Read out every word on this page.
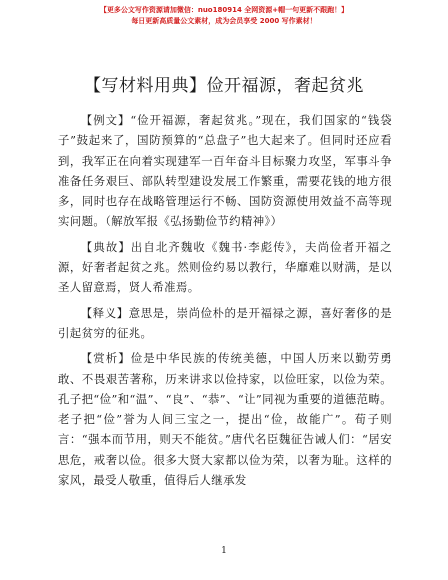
【更多公文写作资源请加微信：nuo180914 全网资源+帽一句更新不跟跑！】
每日更新高质量公文素材，成为会员享受 2000 写作素材！
【写材料用典】俭开福源，奢起贫兆

【 例文 】 “俭开福源，奢起贫兆。”现在，我们国家的“钱袋子”鼓起来了，国防预算的“总盘子”也大起来了。但同时还应看到，我军正在向着实现建军一百年奋斗目标聚力攻坚，军事斗争准备任务艰巨、部队转型建设发展工作繁重，需要花钱的地方很多，同时也存在战略管理运行不畅、国防资源使用效益不高等现实问题。（解放军报《弘扬勤俭节约精神》）

【 典故 】 出自北齐魏收《魏书·李彪传》，夫尚俭者开福之源，好奢者起贫之兆。然则俭约易以教行，华靡难以财满，是以圣人留意焉，贤人希准焉。

【 释义 】 意思是，崇尚俭朴的是开福禄之源，喜好奢侈的是引起贫穷的征兆。

【 赏析 】 俭是中华民族的传统美德，中国人历来以勤劳勇敢、不畏艰苦著称，历来讲求以俭持家，以俭旺家，以俭为荣。孔子把“俭”和“温”、“良”、“恭”、“让”同视为重要的道德范畴。老子把“俭”誉为人间三宝之一，提出“俭，故能广”。荀子则言：“强本而节用，则天不能贫。”唐代名臣魏征告诫人们：“居安思危，戒奢以俭。很多大贤大家都以俭为荣，以奢为耻。这样的家风，最受人敬重，值得后人继承发

1
